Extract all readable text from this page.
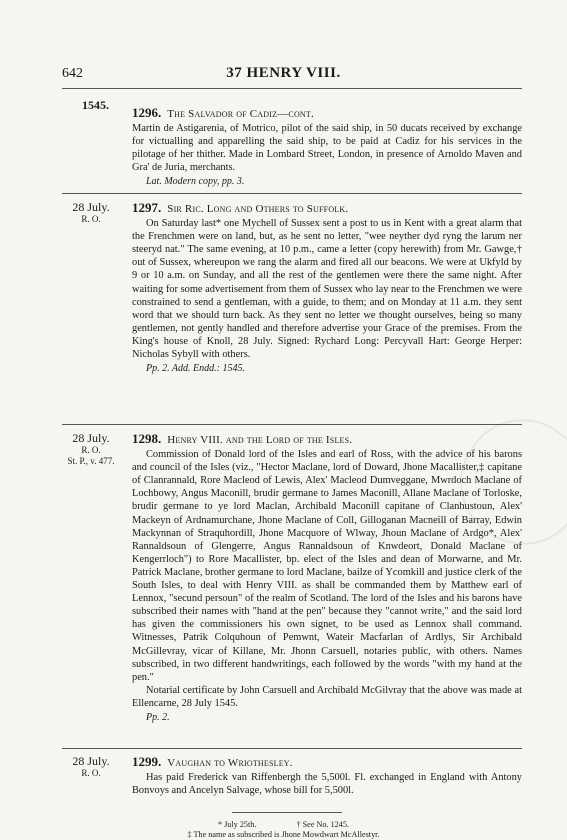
642	37 HENRY VIII.
1545. 1296. The Salvador of Cadiz—cont.

Martin de Astigarenia, of Motrico, pilot of the said ship, in 50 ducats received by exchange for victualling and apparelling the said ship, to be paid at Cadiz for his services in the pilotage of her thither. Made in Lombard Street, London, in presence of Arnoldo Maven and Gra' de Juria, merchants.

Lat. Modern copy, pp. 3.
28 July.
R. O.
1297. Sir Ric. Long and Others to Suffolk.

On Saturday last* one Mychell of Sussex sent a post to us in Kent with a great alarm that the Frenchmen were on land, but, as he sent no letter, "wee neyther dyd ryng the larum ner steeryd nat." The same evening, at 10 p.m., came a letter (copy herewith) from Mr. Gawge,† out of Sussex, whereupon we rang the alarm and fired all our beacons. We were at Ukfyld by 9 or 10 a.m. on Sunday, and all the rest of the gentlemen were there the same night. After waiting for some advertisement from them of Sussex who lay near to the Frenchmen we were constrained to send a gentleman, with a guide, to them; and on Monday at 11 a.m. they sent word that we should turn back. As they sent no letter we thought ourselves, being so many gentlemen, not gently handled and therefore advertise your Grace of the premises. From the King's house of Knoll, 28 July. Signed: Rychard Long: Percyvall Hart: George Herper: Nicholas Sybyll with others.

Pp. 2. Add. Endd.: 1545.
28 July.
R. O.
St. P., v. 477.
1298. Henry VIII. and the Lord of the Isles.

Commission of Donald lord of the Isles and earl of Ross, with the advice of his barons and council of the Isles (viz., "Hector Maclane, lord of Doward, Jhone Macallister,‡ capitane of Clanrannald, Rore Macleod of Lewis, Alex' Macleod Dumveggane, Mwrdoch Maclane of Lochbowy, Angus Maconill, brudir germane to James Maconill, Allane Maclane of Torloske, brudir germane to ye lord Maclan, Archibald Maconill capitane of Clanhustoun, Alex' Mackeyn of Ardnamurchane, Jhone Maclane of Coll, Gilloganan Macneill of Barray, Edwin Mackynnan of Straquhordill, Jhone Macquore of Wlway, Jhoun Maclane of Ardgo*, Alex' Rannaldsoun of Glengerre, Angus Rannaldsoun of Knwdeort, Donald Maclane of Kengerrloch") to Rore Macallister, bp. elect of the Isles and dean of Morwarne, and Mr. Patrick Maclane, brother germane to lord Maclane, bailze of Ycomkill and justice clerk of the South Isles, to deal with Henry VIII. as shall be commanded them by Matthew earl of Lennox, "secund persoun" of the realm of Scotland. The lord of the Isles and his barons have subscribed their names with "hand at the pen" because they "cannot write," and the said lord has given the commissioners his own signet, to be used as Lennox shall command. Witnesses, Patrik Colquhoun of Pemwnt, Wateir Macfarlan of Ardlys, Sir Archibald McGillevray, vicar of Killane, Mr. Jhonn Carsuell, notaries public, with others. Names subscribed, in two different handwritings, each followed by the words "with my hand at the pen."

Notarial certificate by John Carsuell and Archibald McGilvray that the above was made at Ellencarne, 28 July 1545.

Pp. 2.
28 July.
R. O.
1299. Vaughan to Wriothesley.

Has paid Frederick van Riffenbergh the 5,500l. Fl. exchanged in England with Antony Bonvoys and Ancelyn Salvage, whose bill for 5,500l.

* July 25th.	† See No. 1245.
‡ The name as subscribed is Jhone Mowdwart McAllestyr.
